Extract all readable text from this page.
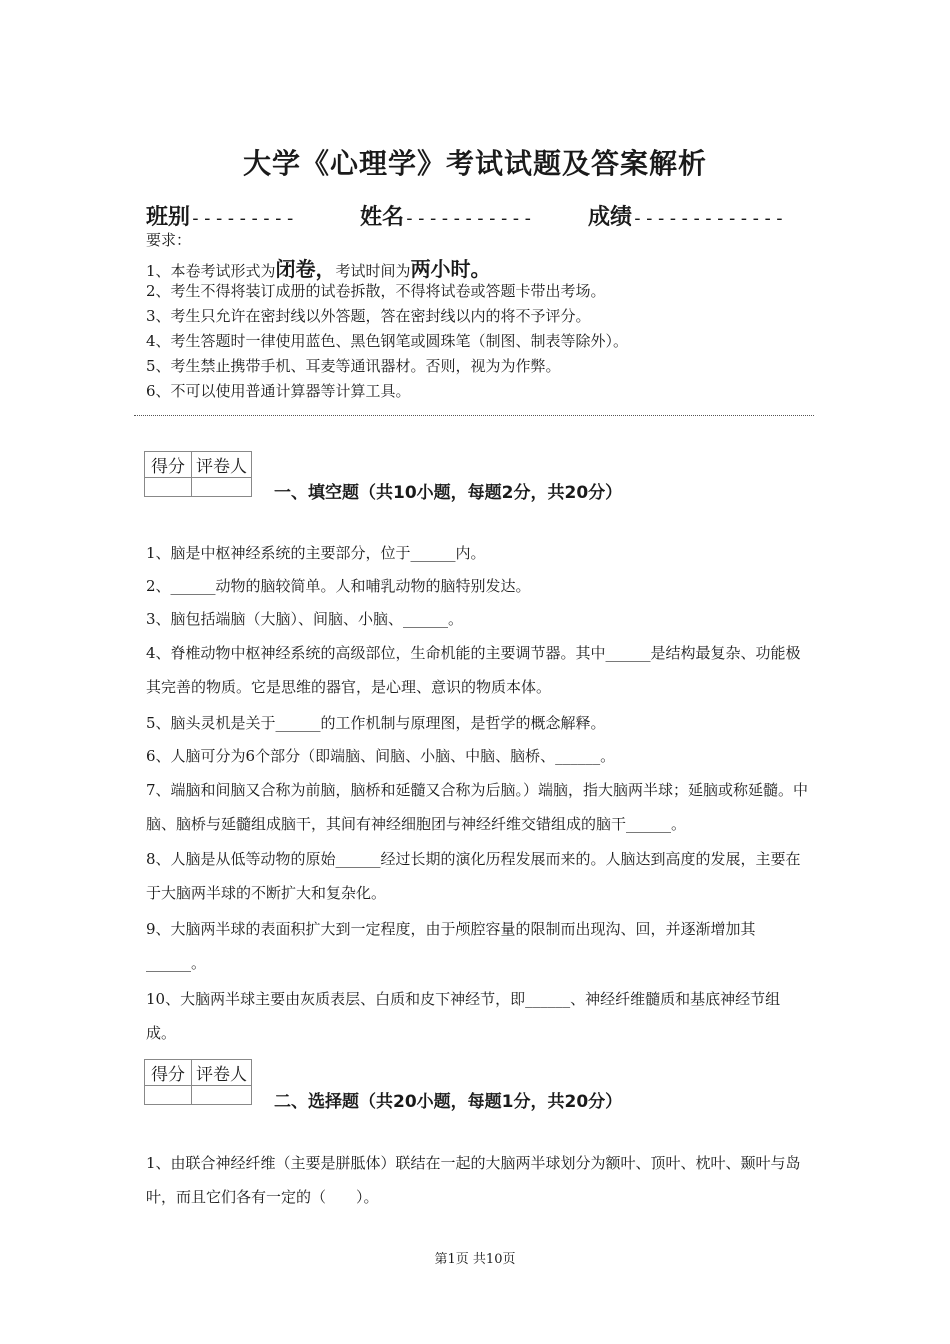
大学《心理学》考试试题及答案解析
班别---------	姓名----------- 成绩-------------
要求：
1、本卷考试形式为闭卷，考试时间为两小时。
2、考生不得将装订成册的试卷拆散，不得将试卷或答题卡带出考场。
3、考生只允许在密封线以外答题，答在密封线以内的将不予评分。
4、考生答题时一律使用蓝色、黑色钢笔或圆珠笔（制图、制表等除外）。
5、考生禁止携带手机、耳麦等通讯器材。否则，视为为作弊。
6、不可以使用普通计算器等计算工具。
得分	评卷人

一、填空题（共10小题，每题2分，共20分）
1、脑是中枢神经系统的主要部分，位于______内。
2、______动物的脑较简单。人和哺乳动物的脑特别发达。
3、脑包括端脑（大脑）、间脑、小脑、______。
4、脊椎动物中枢神经系统的高级部位，生命机能的主要调节器。其中______是结构最复杂、功能极其完善的物质。它是思维的器官，是心理、意识的物质本体。
5、脑头灵机是关于______的工作机制与原理图，是哲学的概念解释。
6、人脑可分为6个部分（即端脑、间脑、小脑、中脑、脑桥、______。
7、端脑和间脑又合称为前脑，脑桥和延髓又合称为后脑。）端脑，指大脑两半球；延脑或称延髓。中脑、脑桥与延髓组成脑干，其间有神经细胞团与神经纤维交错组成的脑干______。
8、人脑是从低等动物的原始______经过长期的演化历程发展而来的。人脑达到高度的发展，主要在于大脑两半球的不断扩大和复杂化。
9、大脑两半球的表面积扩大到一定程度，由于颅腔容量的限制而出现沟、回，并逐渐增加其______。
10、大脑两半球主要由灰质表层、白质和皮下神经节，即______、神经纤维髓质和基底神经节组成。
得分	评卷人

二、选择题（共20小题，每题1分，共20分）
1、由联合神经纤维（主要是胼胝体）联结在一起的大脑两半球划分为额叶、顶叶、枕叶、颞叶与岛叶，而且它们各有一定的（　　）。
第1页 共10页
